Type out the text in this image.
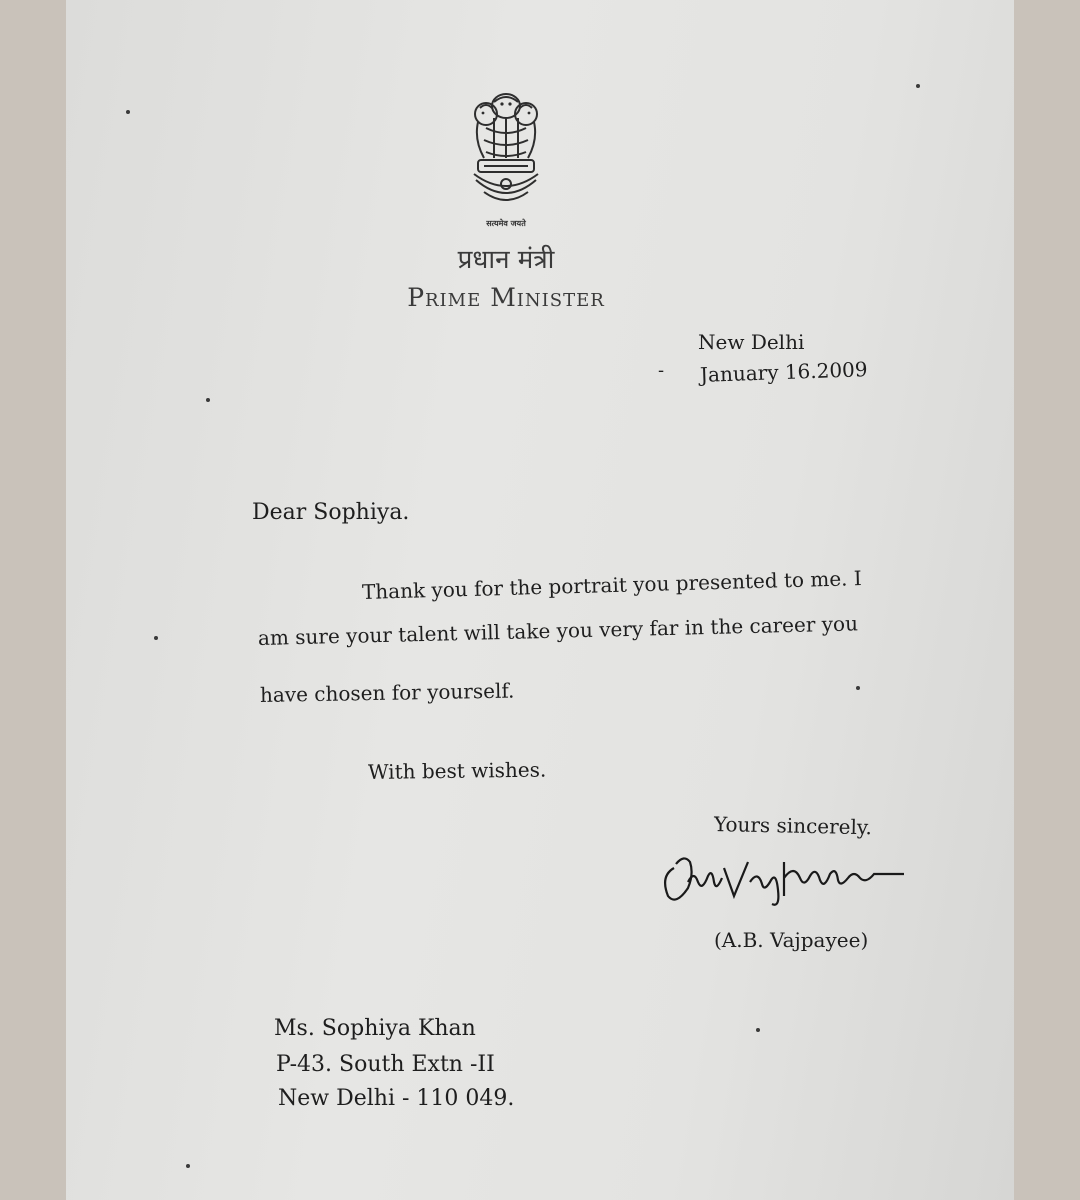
सत्यमेव जयते
प्रधान मंत्री
Prime Minister
New Delhi
- January 16.2009
Dear Sophiya.
Thank you for the portrait you presented to me. I
am sure your talent will take you very far in the career you
have chosen for yourself.
With best wishes.
Yours sincerely.
(A.B. Vajpayee)
Ms. Sophiya Khan
P-43. South Extn -II
New Delhi - 110 049.
